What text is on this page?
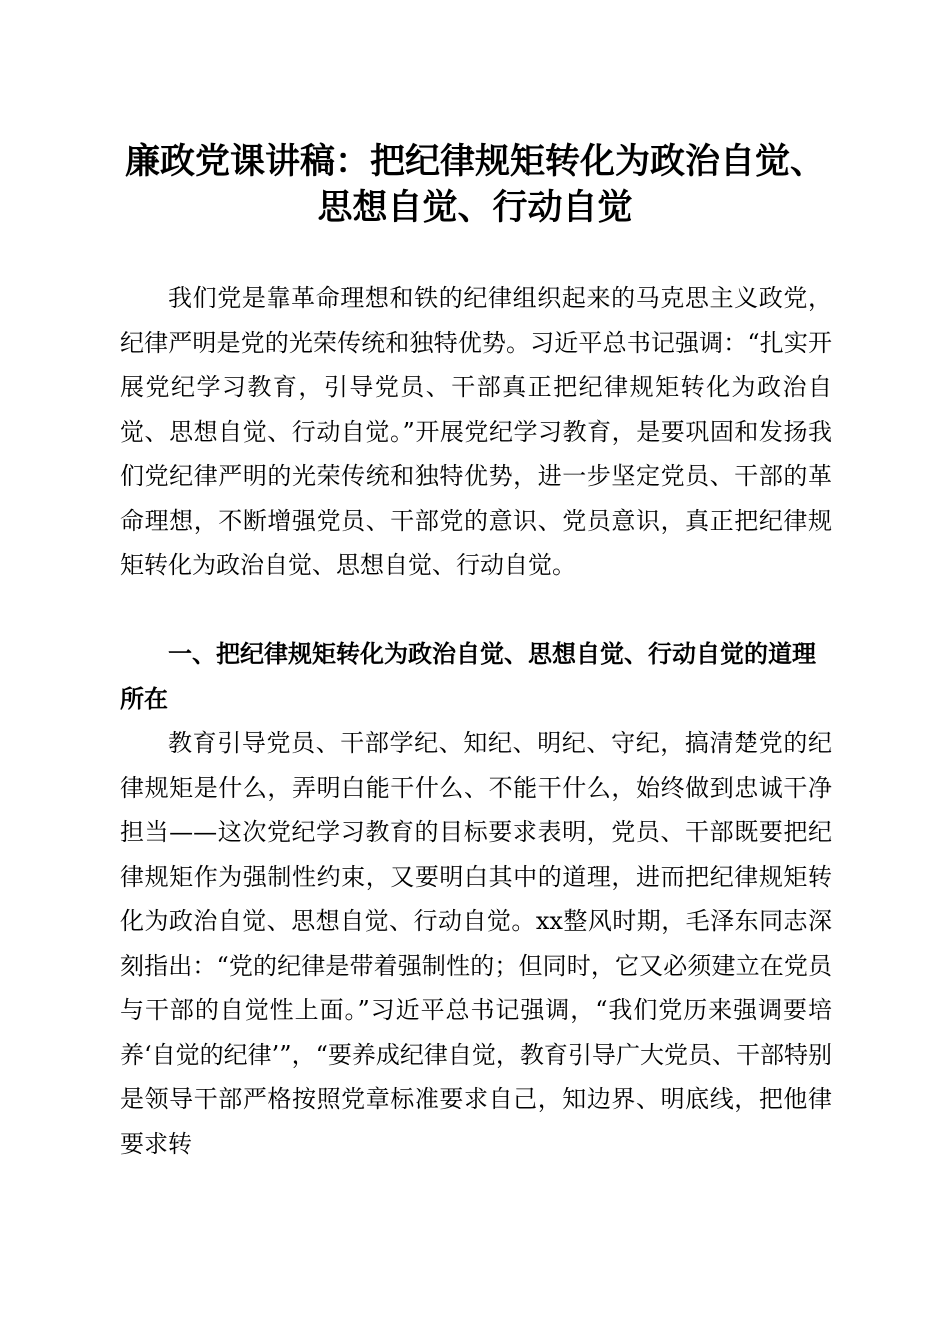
廉政党课讲稿：把纪律规矩转化为政治自觉、
思想自觉、行动自觉

我们党是靠革命理想和铁的纪律组织起来的马克思主义政党，纪律严明是党的光荣传统和独特优势。习近平总书记强调：“扎实开展党纪学习教育，引导党员、干部真正把纪律规矩转化为政治自觉、思想自觉、行动自觉。”开展党纪学习教育，是要巩固和发扬我们党纪律严明的光荣传统和独特优势，进一步坚定党员、干部的革命理想，不断增强党员、干部党的意识、党员意识，真正把纪律规矩转化为政治自觉、思想自觉、行动自觉。

一、把纪律规矩转化为政治自觉、思想自觉、行动自觉的道理所在

教育引导党员、干部学纪、知纪、明纪、守纪，搞清楚党的纪律规矩是什么，弄明白能干什么、不能干什么，始终做到忠诚干净担当——这次党纪学习教育的目标要求表明，党员、干部既要把纪律规矩作为强制性约束，又要明白其中的道理，进而把纪律规矩转化为政治自觉、思想自觉、行动自觉。xx整风时期，毛泽东同志深刻指出：“党的纪律是带着强制性的；但同时，它又必须建立在党员与干部的自觉性上面。”习近平总书记强调，“我们党历来强调要培养‘自觉的纪律’”，“要养成纪律自觉，教育引导广大党员、干部特别是领导干部严格按照党章标准要求自己，知边界、明底线，把他律要求转
